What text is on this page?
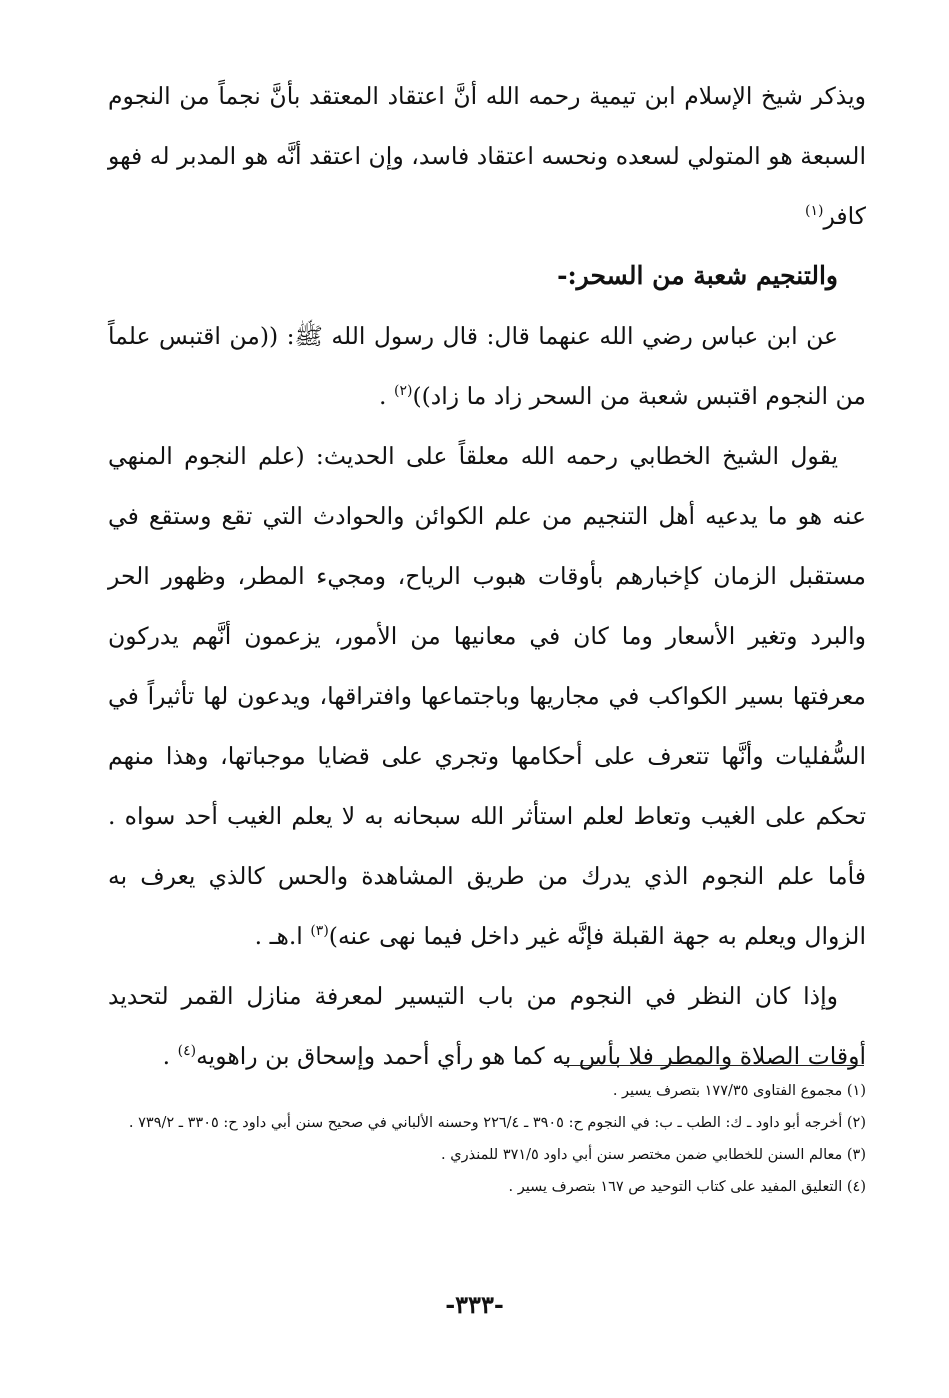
ويذكر شيخ الإسلام ابن تيمية رحمه الله أنَّ اعتقاد المعتقد بأنَّ نجماً من النجوم السبعة هو المتولي لسعده ونحسه اعتقاد فاسد، وإن اعتقد أنَّه هو المدبر له فهو كافر$^{(١)}$

والتنجيم شعبة من السحر:-

عن ابن عباس رضي الله عنهما قال: قال رسول الله ﷺ: ((من اقتبس علماً من النجوم اقتبس شعبة من السحر زاد ما زاد))$^{(٢)}$ .

يقول الشيخ الخطابي رحمه الله معلقاً على الحديث: (علم النجوم المنهي عنه هو ما يدعيه أهل التنجيم من علم الكوائن والحوادث التي تقع وستقع في مستقبل الزمان كإخبارهم بأوقات هبوب الرياح، ومجيء المطر، وظهور الحر والبرد وتغير الأسعار وما كان في معانيها من الأمور، يزعمون أنَّهم يدركون معرفتها بسير الكواكب في مجاريها وباجتماعها وافتراقها، ويدعون لها تأثيراً في السُّفليات وأنَّها تتعرف على أحكامها وتجري على قضايا موجباتها، وهذا منهم تحكم على الغيب وتعاط لعلم استأثر الله سبحانه به لا يعلم الغيب أحد سواه . فأما علم النجوم الذي يدرك من طريق المشاهدة والحس كالذي يعرف به الزوال ويعلم به جهة القبلة فإنَّه غير داخل فيما نهى عنه)$^{(٣)}$ ا.هـ .

وإذا كان النظر في النجوم من باب التيسير لمعرفة منازل القمر لتحديد أوقات الصلاة والمطر فلا بأس به كما هو رأي أحمد وإسحاق بن راهويه$^{(٤)}$ .

(١) مجموع الفتاوى ١٧٧/٣٥ بتصرف يسير .

(٢) أخرجه أبو داود ـ ك: الطب ـ ب: في النجوم ح: ٣٩٠٥ ـ ٢٢٦/٤ وحسنه الألباني في صحيح سنن أبي داود ح: ٣٣٠٥ ـ ٧٣٩/٢ .

(٣) معالم السنن للخطابي ضمن مختصر سنن أبي داود ٣٧١/٥ للمنذري .

(٤) التعليق المفيد على كتاب التوحيد ص ١٦٧ بتصرف يسير .

-٣٣٣-
